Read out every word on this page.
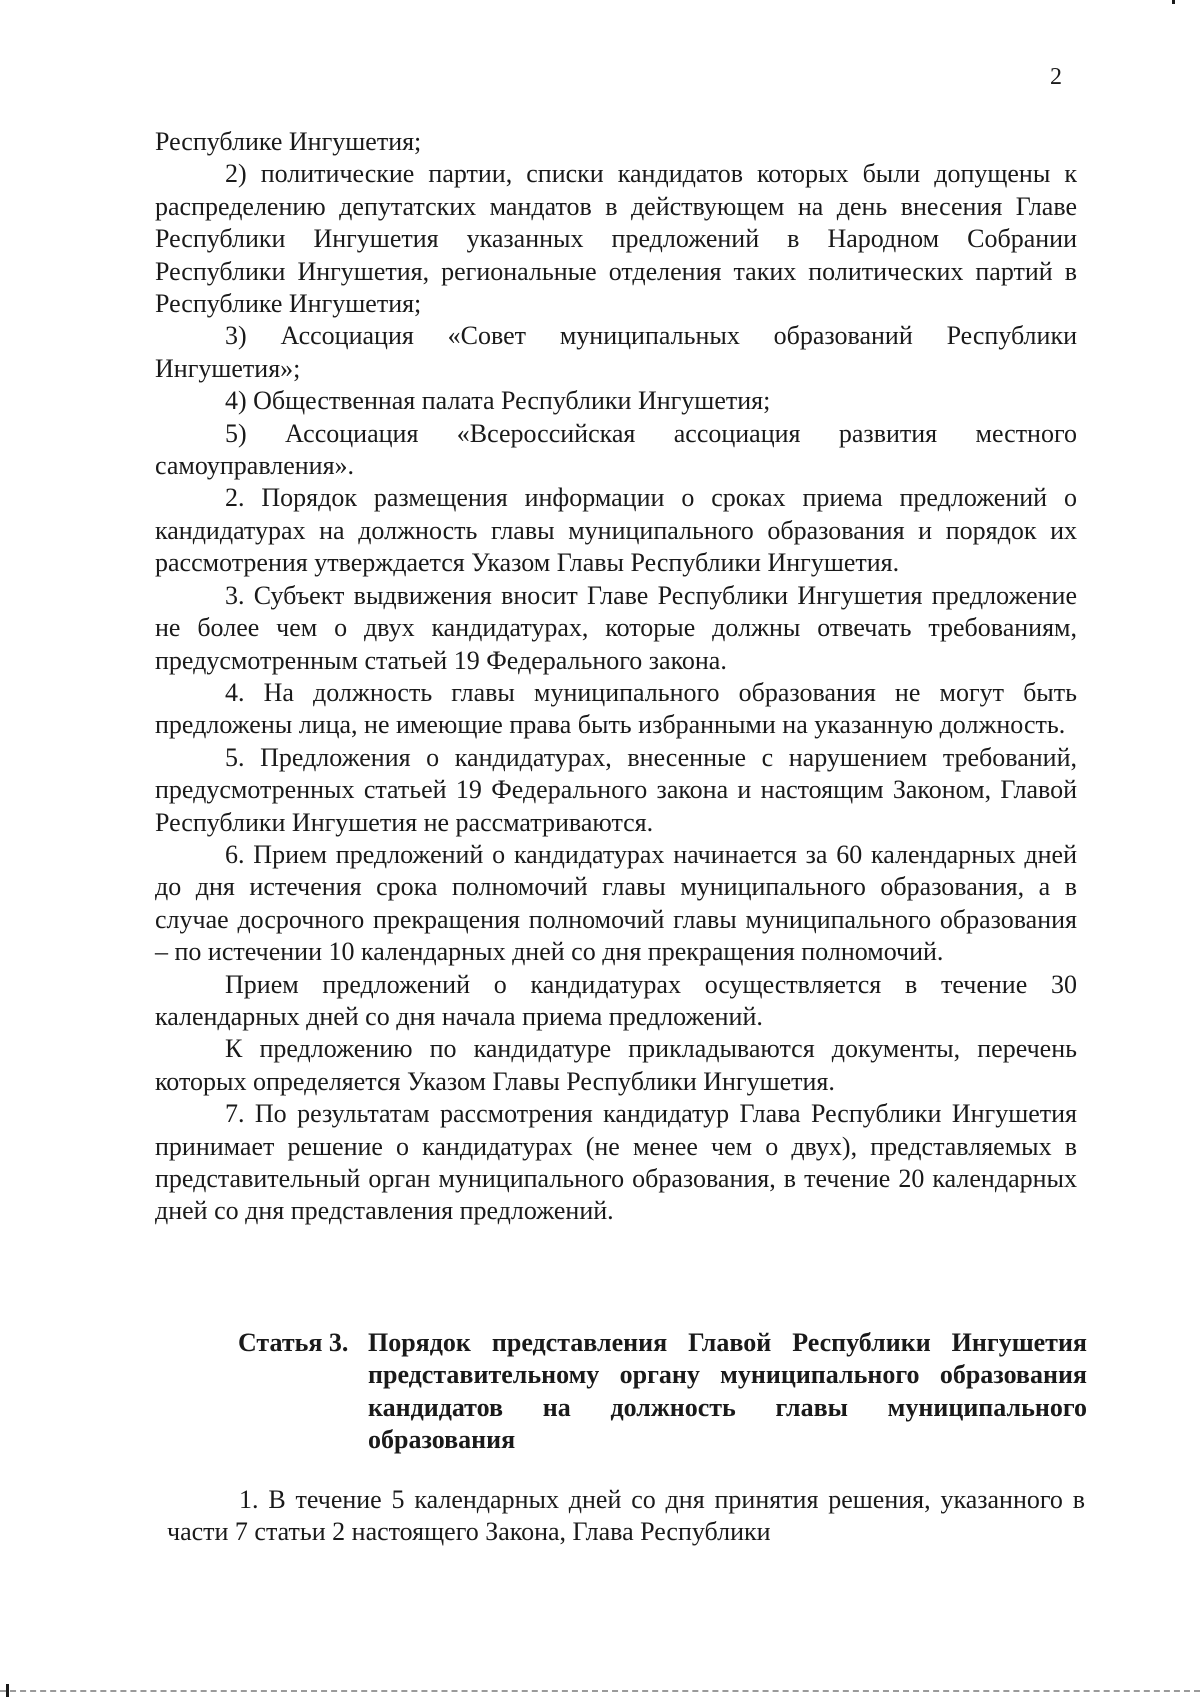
2

Республике Ингушетия;

2) политические партии, списки кандидатов которых были допущены к распределению депутатских мандатов в действующем на день внесения Главе Республики Ингушетия указанных предложений в Народном Собрании Республики Ингушетия, региональные отделения таких политических партий в Республике Ингушетия;

3) Ассоциация «Совет муниципальных образований Республики Ингушетия»;

4) Общественная палата Республики Ингушетия;

5) Ассоциация «Всероссийская ассоциация развития местного самоуправления».

2. Порядок размещения информации о сроках приема предложений о кандидатурах на должность главы муниципального образования и порядок их рассмотрения утверждается Указом Главы Республики Ингушетия.

3. Субъект выдвижения вносит Главе Республики Ингушетия предложение не более чем о двух кандидатурах, которые должны отвечать требованиям, предусмотренным статьей 19 Федерального закона.

4. На должность главы муниципального образования не могут быть предложены лица, не имеющие права быть избранными на указанную должность.

5. Предложения о кандидатурах, внесенные с нарушением требований, предусмотренных статьей 19 Федерального закона и настоящим Законом, Главой Республики Ингушетия не рассматриваются.

6. Прием предложений о кандидатурах начинается за 60 календарных дней до дня истечения срока полномочий главы муниципального образования, а в случае досрочного прекращения полномочий главы муниципального образования – по истечении 10 календарных дней со дня прекращения полномочий.

Прием предложений о кандидатурах осуществляется в течение 30 календарных дней со дня начала приема предложений.

К предложению по кандидатуре прикладываются документы, перечень которых определяется Указом Главы Республики Ингушетия.

7. По результатам рассмотрения кандидатур Глава Республики Ингушетия принимает решение о кандидатурах (не менее чем о двух), представляемых в представительный орган муниципального образования, в течение 20 календарных дней со дня представления предложений.

Статья 3. Порядок представления Главой Республики Ингушетия представительному органу муниципального образования кандидатов на должность главы муниципального образования

1. В течение 5 календарных дней со дня принятия решения, указанного в части 7 статьи 2 настоящего Закона, Глава Республики
